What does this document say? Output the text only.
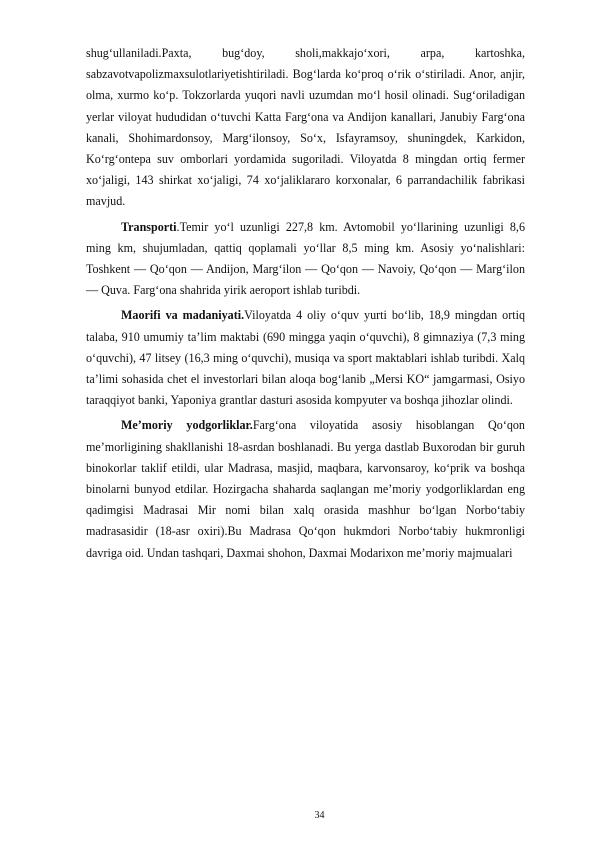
shug‘ullaniladi.Paxta, bug‘doy, sholi,makkajo‘xori, arpa, kartoshka, sabzavotvapolizmaxsulotlariyetishtiriladi. Bog‘larda ko‘proq o‘rik o‘stiriladi. Anor, anjir, olma, xurmo ko‘p. Tokzorlarda yuqori navli uzumdan mo‘l hosil olinadi. Sug‘oriladigan yerlar viloyat hududidan o‘tuvchi Katta Farg‘ona va Andijon kanallari, Janubiy Farg‘ona kanali, Shohimardonsoy, Marg‘ilonsoy, So‘x, Isfayramsoy, shuningdek, Karkidon, Ko‘rg‘ontepa suv omborlari yordamida sugoriladi. Viloyatda 8 mingdan ortiq fermer xo‘jaligi, 143 shirkat xo‘jaligi, 74 xo‘jaliklararo korxonalar, 6 parrandachilik fabrikasi mavjud.

Transporti.Temir yo‘l uzunligi 227,8 km. Avtomobil yo‘llarining uzunligi 8,6 ming km, shujumladan, qattiq qoplamali yo‘llar 8,5 ming km. Asosiy yo‘nalishlari: Toshkent — Qo‘qon — Andijon, Marg‘ilon — Qo‘qon — Navoiy, Qo‘qon — Marg‘ilon — Quva. Farg‘ona shahrida yirik aeroport ishlab turibdi.

Maorifi va madaniyati.Viloyatda 4 oliy o‘quv yurti bo‘lib, 18,9 mingdan ortiq talaba, 910 umumiy ta’lim maktabi (690 mingga yaqin o‘quvchi), 8 gimnaziya (7,3 ming o‘quvchi), 47 litsey (16,3 ming o‘quvchi), musiqa va sport maktablari ishlab turibdi. Xalq ta’limi sohasida chet el investorlari bilan aloqa bog‘lanib „Mersi KO“ jamgarmasi, Osiyo taraqqiyot banki, Yaponiya grantlar dasturi asosida kompyuter va boshqa jihozlar olindi.

Me’moriy yodgorliklar.Farg‘ona viloyatida asosiy hisoblangan Qo‘qon me’morligining shakllanishi 18-asrdan boshlanadi. Bu yerga dastlab Buxorodan bir guruh binokorlar taklif etildi, ular Madrasa, masjid, maqbara, karvonsaroy, ko‘prik va boshqa binolarni bunyod etdilar. Hozirgacha shaharda saqlangan me’moriy yodgorliklardan eng qadimgisi Madrasai Mir nomi bilan xalq orasida mashhur bo‘lgan Norbo‘tabiy madrasasidir (18-asr oxiri).Bu Madrasa Qo‘qon hukmdori Norbo‘tabiy hukmronligi davriga oid. Undan tashqari, Daxmai shohon, Daxmai Modarixon me’moriy majmualari

34
